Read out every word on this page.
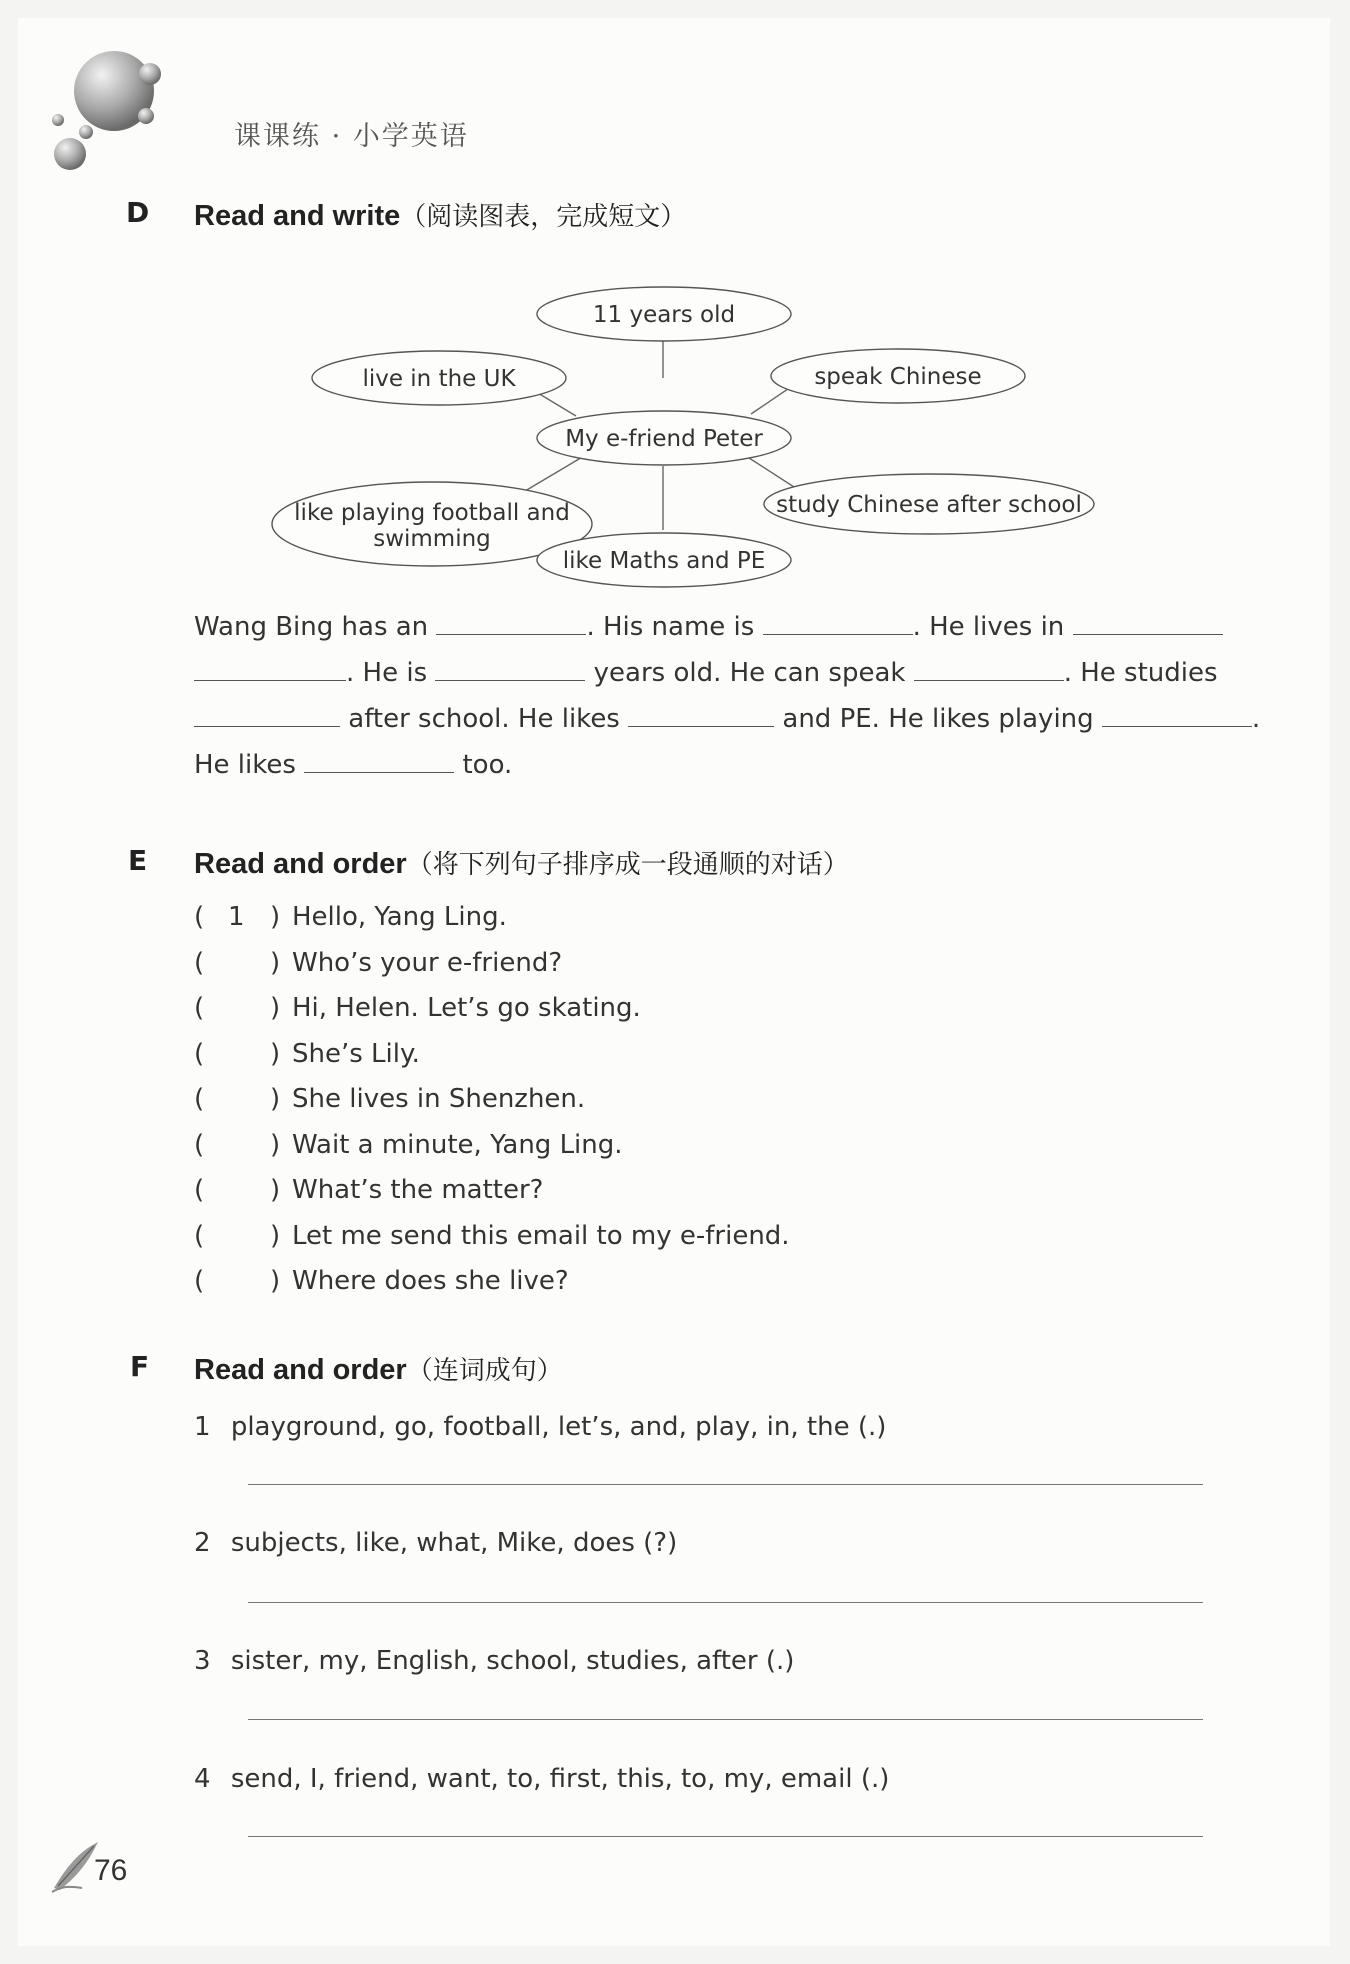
课课练 · 小学英语
D Read and write（阅读图表，完成短文）
11 years old
live in the UK	speak Chinese
My e-friend Peter
like playing football and
swimming
study Chinese after school
like Maths and PE
Wang Bing has an	. His name is	. He lives in
. He is	years old. He can speak	. He studies
after school. He likes	and PE. He likes playing	.
He likes	too.
E Read and order（将下列句子排序成一段通顺的对话）
F Read and order（连词成句）
1 playground, go, football, let’s, and, play, in, the (.)
2 subjects, like, what, Mike, does (?)
3 sister, my, English, school, studies, after (.)
4 send, I, friend, want, to, first, this, to, my, email (.)
76
( 1 ) Hello, Yang Ling.
(	) Who’s your e-friend?
(	) Hi, Helen. Let’s go skating.
(	) She’s Lily.
(	) She lives in Shenzhen.
(	) Wait a minute, Yang Ling.
(	) What’s the matter?
(	) Let me send this email to my e-friend.
(	) Where does she live?
